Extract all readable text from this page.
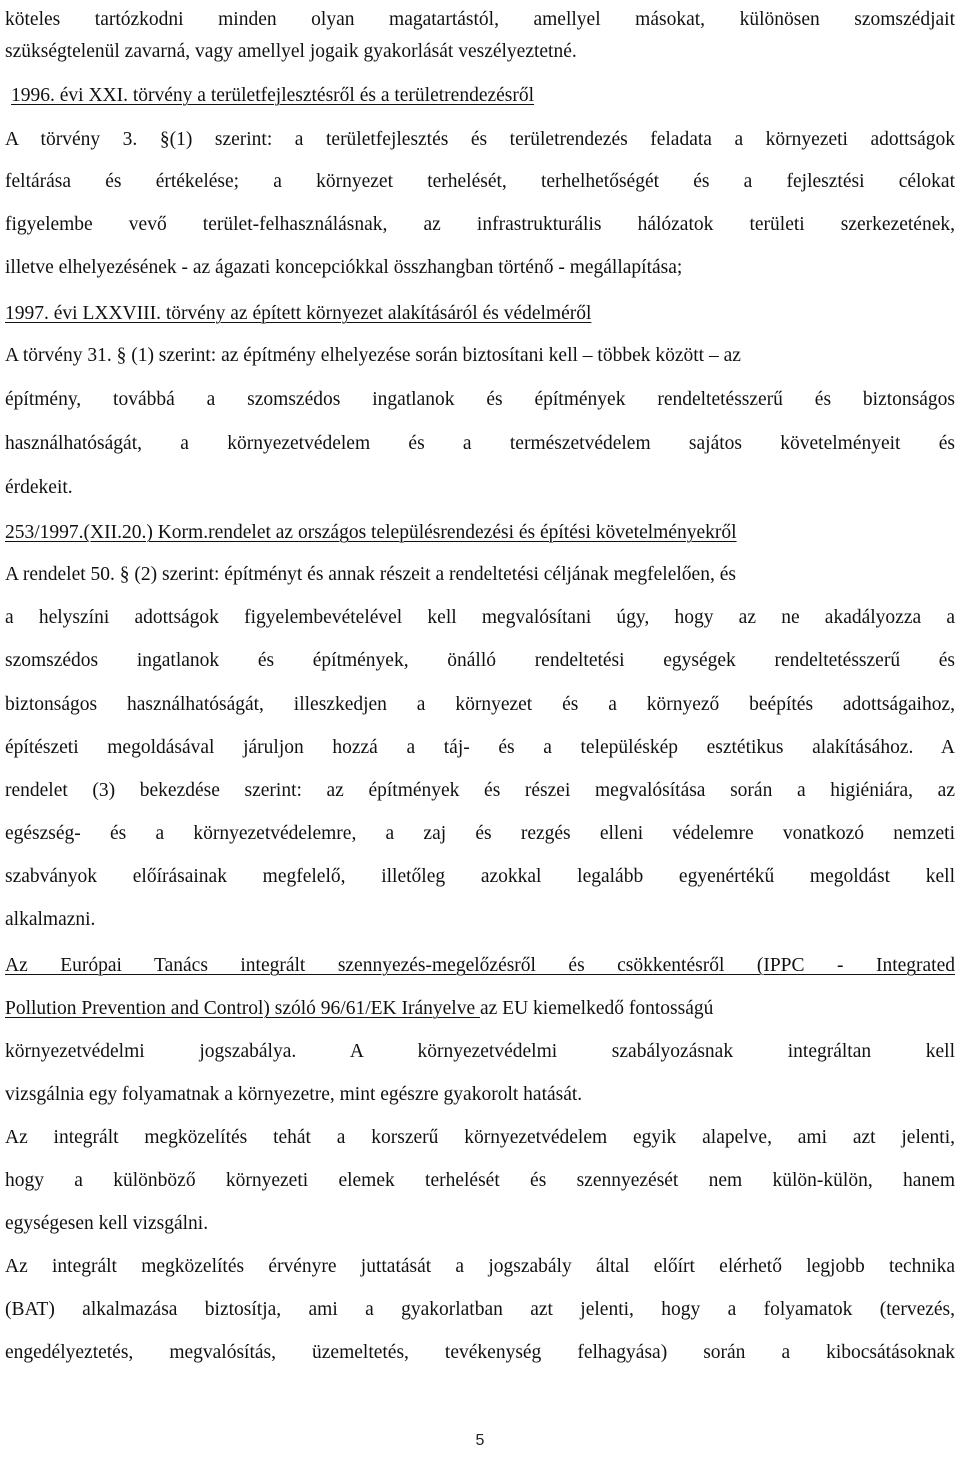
köteles tartózkodni minden olyan magatartástól, amellyel másokat, különösen szomszédjait
szükségtelenül zavarná, vagy amellyel jogaik gyakorlását veszélyeztetné.
1996. évi XXI. törvény a területfejlesztésről és a területrendezésről
A törvény 3. §(1) szerint: a területfejlesztés és területrendezés feladata a környezeti adottságok
feltárása és értékelése; a környezet terhelését, terhelhetőségét és a fejlesztési célokat
figyelembe vevő terület-felhasználásnak, az infrastrukturális hálózatok területi szerkezetének,
illetve elhelyezésének - az ágazati koncepciókkal összhangban történő - megállapítása;
1997. évi LXXVIII. törvény az épített környezet alakításáról és védelméről
A törvény 31. § (1) szerint: az építmény elhelyezése során biztosítani kell – többek között – az
építmény, továbbá a szomszédos ingatlanok és építmények rendeltetésszerű és biztonságos
használhatóságát, a környezetvédelem és a természetvédelem sajátos követelményeit és
érdekeit.
253/1997.(XII.20.) Korm.rendelet az országos településrendezési és építési követelményekről
A rendelet 50. § (2) szerint: építményt és annak részeit a rendeltetési céljának megfelelően, és
a helyszíni adottságok figyelembevételével kell megvalósítani úgy, hogy az ne akadályozza a
szomszédos ingatlanok és építmények, önálló rendeltetési egységek rendeltetésszerű és
biztonságos használhatóságát, illeszkedjen a környezet és a környező beépítés adottságaihoz,
építészeti megoldásával járuljon hozzá a táj- és a településkép esztétikus alakításához. A
rendelet (3) bekezdése szerint: az építmények és részei megvalósítása során a higiéniára, az
egészség- és a környezetvédelemre, a zaj és rezgés elleni védelemre vonatkozó nemzeti
szabványok előírásainak megfelelő, illetőleg azokkal legalább egyenértékű megoldást kell
alkalmazni.
Az Európai Tanács integrált szennyezés-megelőzésről és csökkentésről (IPPC - Integrated
Pollution Prevention and Control) szóló 96/61/EK Irányelve az EU kiemelkedő fontosságú
környezetvédelmi jogszabálya. A környezetvédelmi szabályozásnak integráltan kell
vizsgálnia egy folyamatnak a környezetre, mint egészre gyakorolt hatását.
Az integrált megközelítés tehát a korszerű környezetvédelem egyik alapelve, ami azt jelenti,
hogy a különböző környezeti elemek terhelését és szennyezését nem külön-külön, hanem
egységesen kell vizsgálni.
Az integrált megközelítés érvényre juttatását a jogszabály által előírt elérhető legjobb technika
(BAT) alkalmazása biztosítja, ami a gyakorlatban azt jelenti, hogy a folyamatok (tervezés,
engedélyeztetés, megvalósítás, üzemeltetés, tevékenység felhagyása) során a kibocsátásoknak
5
